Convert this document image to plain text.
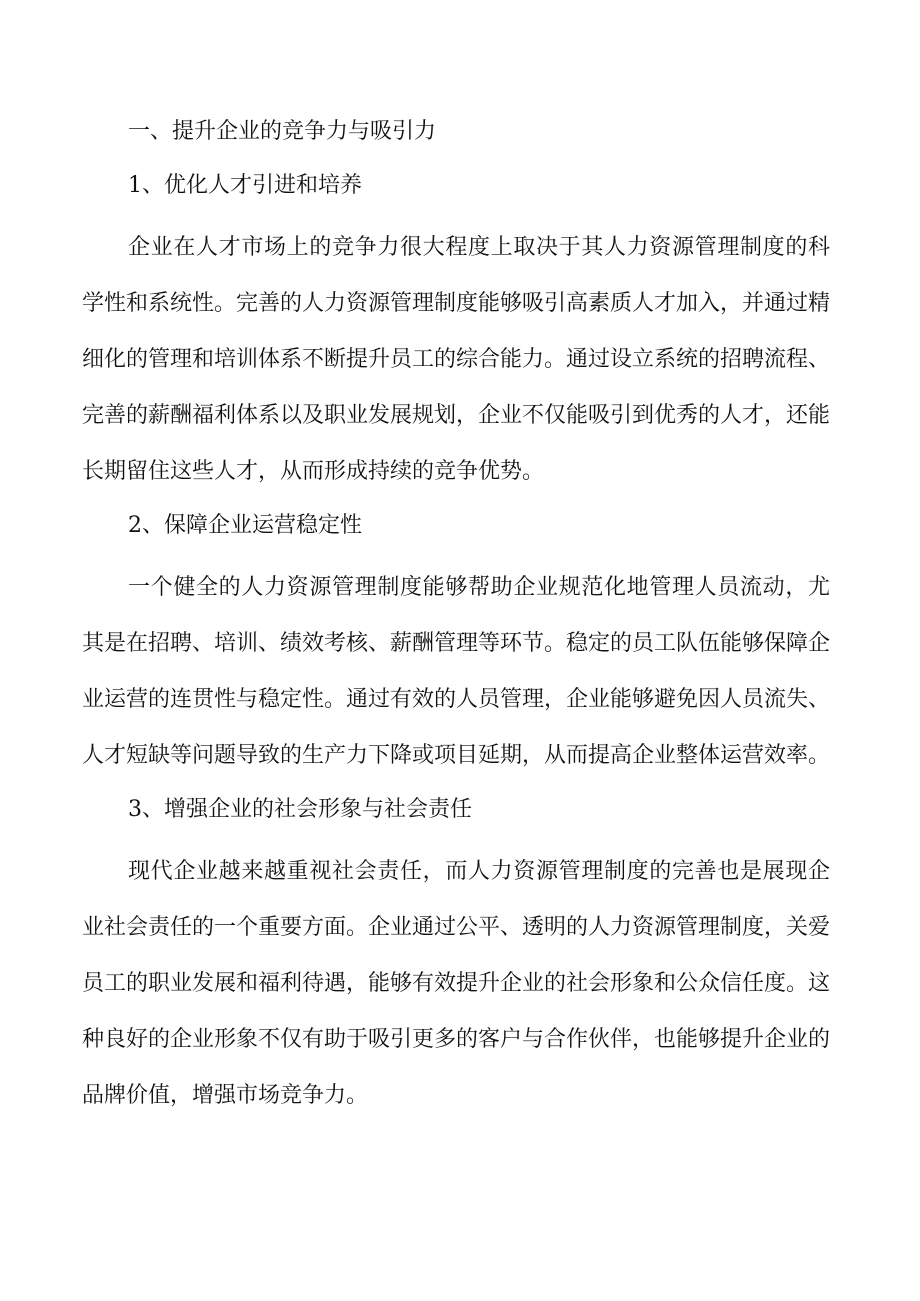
一、提升企业的竞争力与吸引力
1、优化人才引进和培养

企业在人才市场上的竞争力很大程度上取决于其人力资源管理制度的科学性和系统性。完善的人力资源管理制度能够吸引高素质人才加入，并通过精细化的管理和培训体系不断提升员工的综合能力。通过设立系统的招聘流程、完善的薪酬福利体系以及职业发展规划，企业不仅能吸引到优秀的人才，还能长期留住这些人才，从而形成持续的竞争优势。

2、保障企业运营稳定性

一个健全的人力资源管理制度能够帮助企业规范化地管理人员流动，尤其是在招聘、培训、绩效考核、薪酬管理等环节。稳定的员工队伍能够保障企业运营的连贯性与稳定性。通过有效的人员管理，企业能够避免因人员流失、人才短缺等问题导致的生产力下降或项目延期，从而提高企业整体运营效率。

3、增强企业的社会形象与社会责任

现代企业越来越重视社会责任，而人力资源管理制度的完善也是展现企业社会责任的一个重要方面。企业通过公平、透明的人力资源管理制度，关爱员工的职业发展和福利待遇，能够有效提升企业的社会形象和公众信任度。这种良好的企业形象不仅有助于吸引更多的客户与合作伙伴，也能够提升企业的品牌价值，增强市场竞争力。
